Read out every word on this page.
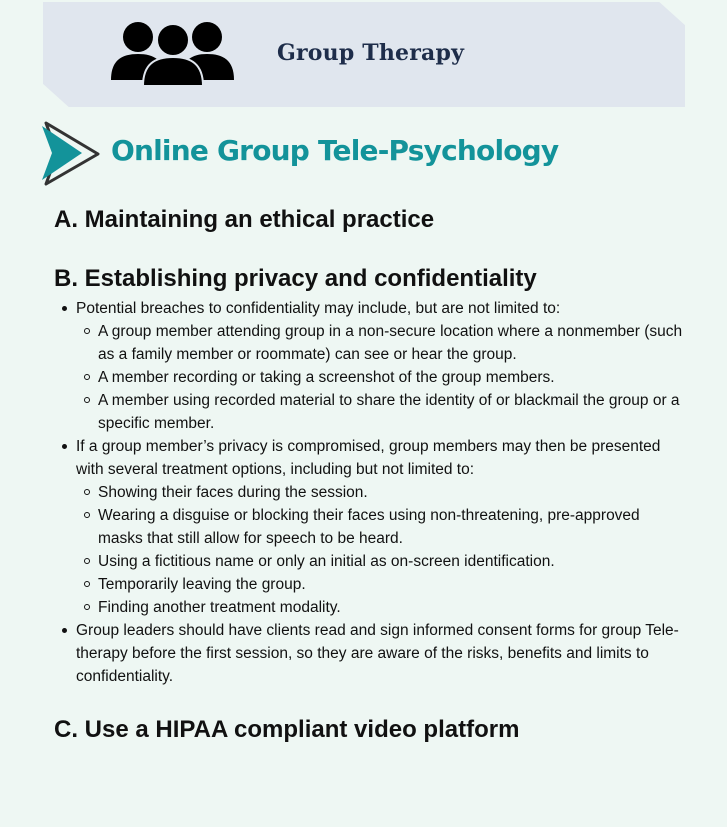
Group Therapy
Online Group Tele-Psychology
A. Maintaining an ethical practice
B. Establishing privacy and confidentiality
Potential breaches to confidentiality may include, but are not limited to:
A group member attending group in a non-secure location where a nonmember (such as a family member or roommate) can see or hear the group.
A member recording or taking a screenshot of the group members.
A member using recorded material to share the identity of or blackmail the group or a specific member.
If a group member’s privacy is compromised, group members may then be presented with several treatment options, including but not limited to:
Showing their faces during the session.
Wearing a disguise or blocking their faces using non-threatening, pre-approved masks that still allow for speech to be heard.
Using a fictitious name or only an initial as on-screen identification.
Temporarily leaving the group.
Finding another treatment modality.
Group leaders should have clients read and sign informed consent forms for group Tele-therapy before the first session, so they are aware of the risks, benefits and limits to confidentiality.
C. Use a HIPAA compliant video platform
